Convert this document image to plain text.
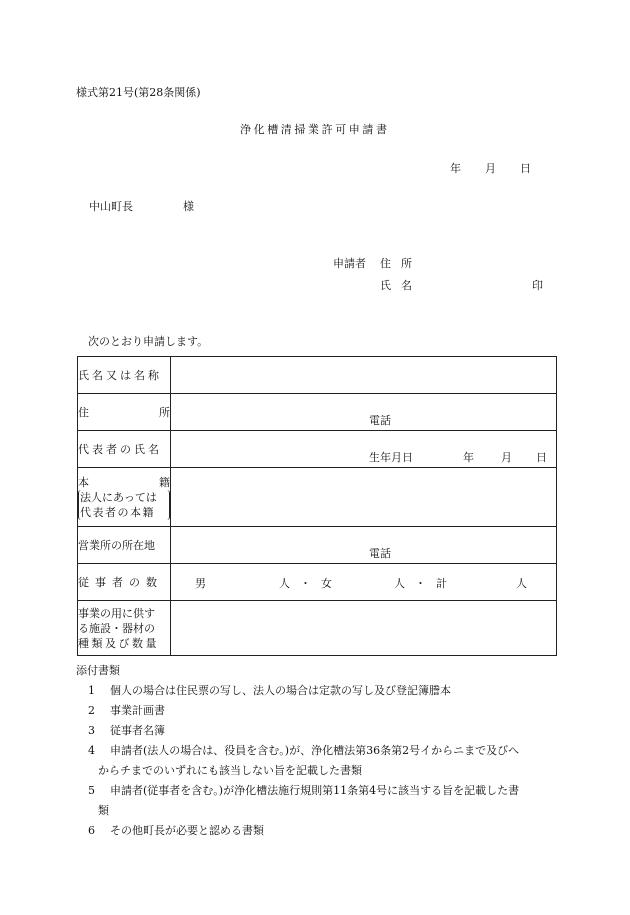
様式第21号(第28条関係)
浄化槽清掃業許可申請書
年 月 日
中山町長	様
申請者 住所
氏名	印
次のとおり申請します。
氏名又は名称	

住 所	電話

代表者の氏名	生年月日 年 月 日

本 籍
法人にあっては
代表者の本籍	

営業所の所在地	電話

従事者の数	男 人・女 人・計 人

事業の用に供す
る施設・器材の
種類及び数量	

添付書類
1 個人の場合は住民票の写し、法人の場合は定款の写し及び登記簿謄本
2 事業計画書
3 従事者名簿
4 申請者(法人の場合は、役員を含む。)が、浄化槽法第36条第2号イからニまで及びへ
からチまでのいずれにも該当しない旨を記載した書類
5 申請者(従事者を含む。)が浄化槽法施行規則第11条第4号に該当する旨を記載した書
類
6 その他町長が必要と認める書類
